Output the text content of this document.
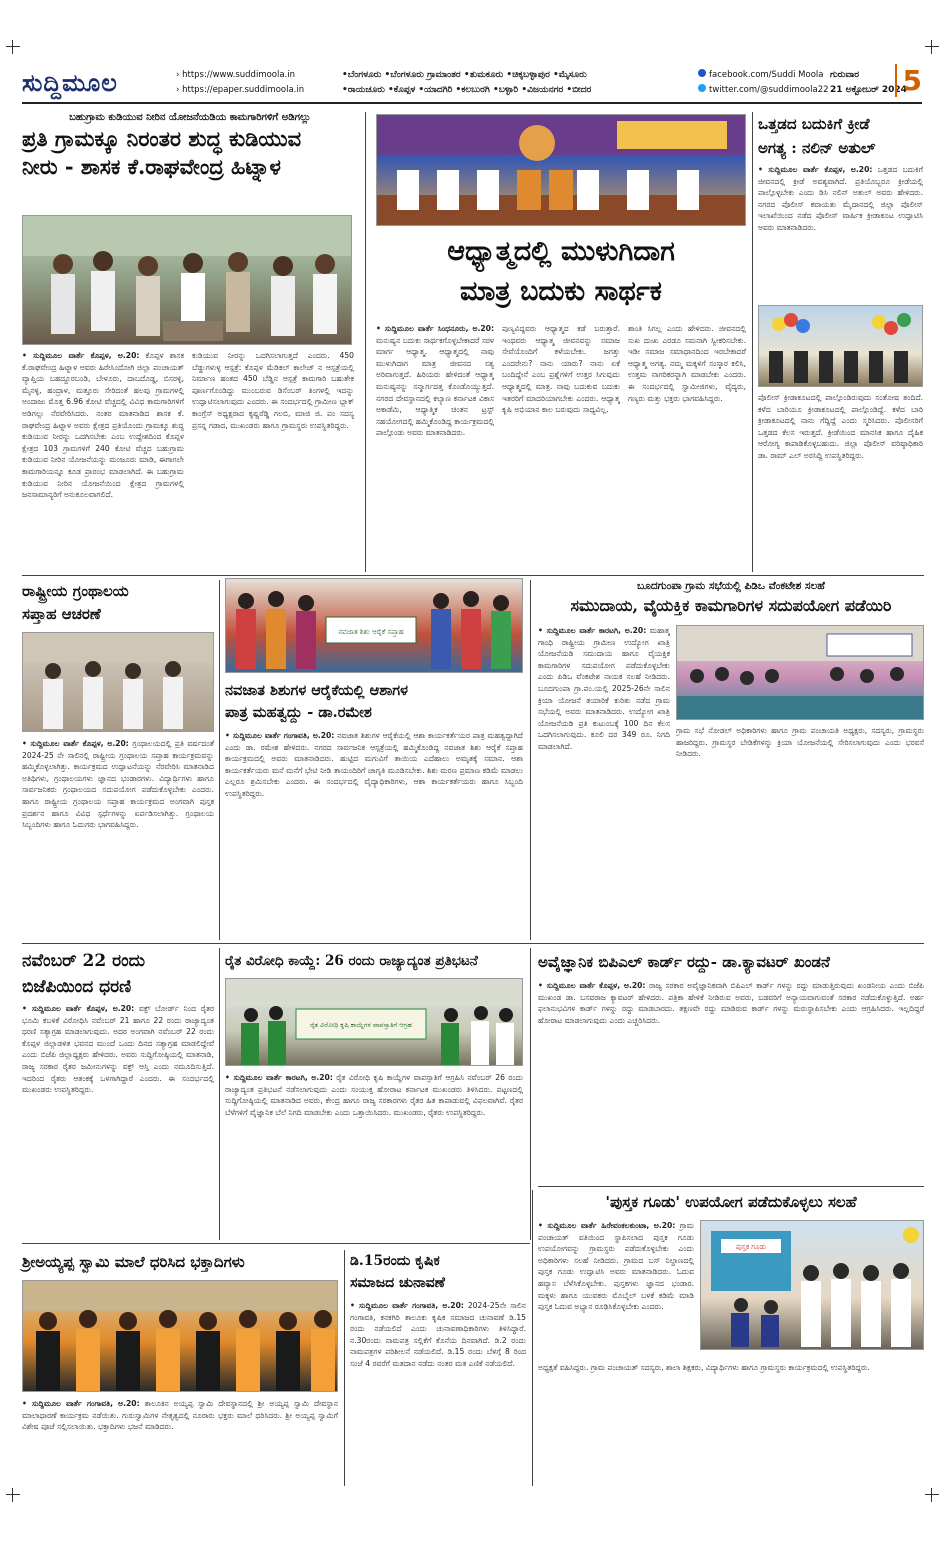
ಸುದ್ದಿಮೂಲ	› https://www.suddimoola.in
› https://epaper.suddimoola.in
•ಬೆಂಗಳೂರು •ಬೆಂಗಳೂರು ಗ್ರಾಮಾಂತರ •ತುಮಕೂರು •ಚಿಕ್ಕಬಳ್ಳಾಪುರ •ಮೈಸೂರು
•ರಾಯಚೂರು •ಕೊಪ್ಪಳ •ಯಾದಗಿರಿ •ಕಲಬುರಗಿ •ಬಳ್ಳಾರಿ •ವಿಜಯನಗರ •ಬೀದರ
facebook.com/Suddi Moola
twitter.com/@suddimoola22
ಗುರುವಾರ
21 ಅಕ್ಟೋಬರ್ 2024
5
ಬಹುಗ್ರಾಮ ಕುಡಿಯುವ ನೀರಿನ ಯೋಜನೆಯಡಿಯ ಕಾಮಗಾರಿಗಳಿಗೆ ಅಡಿಗಲ್ಲು
ಪ್ರತಿ ಗ್ರಾಮಕ್ಕೂ ನಿರಂತರ ಶುದ್ಧ ಕುಡಿಯುವ
ನೀರು - ಶಾಸಕ ಕೆ.ರಾಘವೇಂದ್ರ ಹಿಟ್ನಾಳ
• ಸುದ್ದಿಮೂಲ ವಾರ್ತೆ ಕೊಪ್ಪಳ, ಅ.20: ಕೊಪ್ಪಳ ಶಾಸಕ ಕೆ.ರಾಘವೇಂದ್ರ ಹಿಟ್ನಾಳ ಅವರು ಹಿರೇಸಿಂದೋಗಿ ಜಿಲ್ಲಾ ಪಂಚಾಯತ್ ವ್ಯಾಪ್ತಿಯ ಬಹದ್ದೂರಬಂಡಿ, ಬೇಳೂರು, ದಾಬದೊಡ್ಡ, ಬಿಸರಳ್ಳಿ, ಮೈನಳ್ಳಿ, ಹಂದ್ರಾಳ, ಮತ್ತೂರು ಸೇರಿದಂತೆ ಹಲವು ಗ್ರಾಮಗಳಲ್ಲಿ ಅಂದಾಜು ಮೊತ್ತ 6.96 ಕೋಟಿ ವೆಚ್ಚದಲ್ಲಿ ವಿವಿಧ ಕಾಮಗಾರಿಗಳಿಗೆ ಅಡಿಗಲ್ಲು ನೆರವೇರಿಸಿದರು. ನಂತರ ಮಾತನಾಡಿದ ಶಾಸಕ ಕೆ. ರಾಘವೇಂದ್ರ ಹಿಟ್ನಾಳ ಅವರು ಕ್ಷೇತ್ರದ ಪ್ರತಿಯೊಂದು ಗ್ರಾಮಕ್ಕೂ ಶುದ್ಧ ಕುಡಿಯುವ ನೀರನ್ನು ಒದಗಿಸಬೇಕು ಎಂಬ ಉದ್ದೇಶದಿಂದ ಕೊಪ್ಪಳ ಕ್ಷೇತ್ರದ 103 ಗ್ರಾಮಗಳಿಗೆ 240 ಕೋಟಿ ವೆಚ್ಚದ ಬಹುಗ್ರಾಮ ಕುಡಿಯುವ ನೀರಿನ ಯೋಜನೆಯನ್ನು ಮಂಜೂರು ಮಾಡಿ, ಈಗಾಗಲೇ ಕಾಮಗಾರಿಯನ್ನೂ ಕೂಡ ಪ್ರಾರಂಭ ಮಾಡಲಾಗಿದೆ. ಈ ಬಹುಗ್ರಾಮ ಕುಡಿಯುವ ನೀರಿನ ಯೋಜನೆಯಿಂದ ಕ್ಷೇತ್ರದ ಗ್ರಾಮಗಳಲ್ಲಿ ಜನಸಾಮಾನ್ಯರಿಗೆ ಅನುಕೂಲವಾಗಲಿದೆ.
ಕುಡಿಯುವ ನೀರನ್ನು ಒದಗಿಸಲಾಗುತ್ತದೆ ಎಂದರು. 450 ಬೆಡ್ಡುಗಳುಳ್ಳ ಆಸ್ಪತ್ರೆ: ಕೊಪ್ಪಳ ಮೆಡಿಕಲ್ ಕಾಲೇಜ್ ನ ಆಸ್ಪತ್ರೆಯಲ್ಲಿ ನಿರ್ಮಾಣ ಹಂತದ 450 ಬೆಡ್ಡಿನ ಆಸ್ಪತ್ರೆ ಕಾಮಗಾರಿ ಬಹುತೇಕ ಪೂರ್ಣಗೊಂಡಿದ್ದು ಮುಂಬರುವ ಡಿಸೆಂಬರ್ ತಿಂಗಳಲ್ಲಿ ಇದನ್ನು ಉದ್ಘಾಟಿಸಲಾಗುವುದು ಎಂದರು. ಈ ಸಂದರ್ಭದಲ್ಲಿ ಗ್ರಾಮೀಣ ಬ್ಲಾಕ್ ಕಾಂಗ್ರೆಸ್ ಅಧ್ಯಕ್ಷರಾದ ಕೃಷ್ಣರೆಡ್ಡಿ ಗಲಬಿ, ಮಾಜಿ ಜಿ. ಪಂ ಸದಸ್ಯ ಪ್ರಸನ್ನ ಗಡಾದ, ಮುಖಂಡರು ಹಾಗೂ ಗ್ರಾಮಸ್ಥರು ಉಪಸ್ಥಿತರಿದ್ದರು.
ಆಧ್ಯಾತ್ಮದಲ್ಲಿ ಮುಳುಗಿದಾಗ
ಮಾತ್ರ ಬದುಕು ಸಾರ್ಥಕ
• ಸುದ್ದಿಮೂಲ ವಾರ್ತೆ ಸಿಂಧನೂರು, ಅ.20: ಮನುಷ್ಯನ ಬದುಕು ಸಾರ್ಥಕಗೊಳ್ಳಬೇಕಾದರೆ ಸರಳ ಮಾರ್ಗ ಆಧ್ಯಾತ್ಮ. ಆಧ್ಯಾತ್ಮದಲ್ಲಿ ನಾವು ಮುಳುಗಿದಾಗ ಮಾತ್ರ ಜೀವನದ ಸತ್ಯ ಅರಿವಾಗುತ್ತದೆ. ಹಿರಿಯರು ಹೇಳಿದಂತೆ ಆಧ್ಯಾತ್ಮ ಮನುಷ್ಯನನ್ನು ಸನ್ಮಾರ್ಗದತ್ತ ಕೊಂಡೊಯ್ಯುತ್ತದೆ. ನಗರದ ದೇವಸ್ಥಾನದಲ್ಲಿ ಕಲ್ಯಾಣ ಕರ್ನಾಟಕ ವಿಕಾಸ ಅಕಾಡೆಮಿ, ಆಧ್ಯಾತ್ಮಿಕ ಚಿಂತನ ಟ್ರಸ್ಟ್ ಸಹಯೋಗದಲ್ಲಿ ಹಮ್ಮಿಕೊಂಡಿದ್ದ ಕಾರ್ಯಕ್ರಮದಲ್ಲಿ ಪಾಲ್ಗೊಂಡು ಅವರು ಮಾತನಾಡಿದರು.
ಪುಣ್ಯವಿದ್ದವರು ಆಧ್ಯಾತ್ಮದ ಕಡೆ ಬರುತ್ತಾರೆ. ಇಂಥವರು ಆಧ್ಯಾತ್ಮ ಜೀವನವನ್ನು ಸಮಾಜ ಸೇವೆಯೊಂದಿಗೆ ಕಳೆಯಬೇಕು. ಜಗತ್ತು ಎಂದರೇನು? ನಾನು ಯಾರು? ನಾನು ಏಕೆ ಬಂದಿದ್ದೇನೆ ಎಂಬ ಪ್ರಶ್ನೆಗಳಿಗೆ ಉತ್ತರ ಸಿಗುವುದು ಆಧ್ಯಾತ್ಮದಲ್ಲಿ ಮಾತ್ರ. ನಾವು ಬದುಕುವ ಬದುಕು ಇತರರಿಗೆ ಮಾದರಿಯಾಗಬೇಕು ಎಂದರು. ಆಧ್ಯಾತ್ಮ ಕೃಷಿ ಅಭಿಯಾನ ಕಾಲ ಬರುವುದು ಸಾಧ್ಯವಿಲ್ಲ.
ಶಾಂತಿ ಸಿಗಲ್ಲ ಎಂದು ಹೇಳಿದರು. ಜೀವನದಲ್ಲಿ ಸುಖ ದುಃಖ ಎರಡೂ ಸಮನಾಗಿ ಸ್ವೀಕರಿಸಬೇಕು. ಇಡೀ ಸಮಾಜ ಸಮಾಧಾನದಿಂದ ಇರಬೇಕಾದರೆ ಆಧ್ಯಾತ್ಮ ಅಗತ್ಯ. ನಮ್ಮ ಮಕ್ಕಳಿಗೆ ಸಂಸ್ಕಾರ ಕಲಿಸಿ, ಉತ್ತಮ ನಾಗರಿಕರನ್ನಾಗಿ ಮಾಡಬೇಕು ಎಂದರು. ಈ ಸಂದರ್ಭದಲ್ಲಿ ಸ್ವಾಮೀಜಿಗಳು, ವೈದ್ಯರು, ಗಣ್ಯರು ಮತ್ತು ಭಕ್ತರು ಭಾಗವಹಿಸಿದ್ದರು.
ಒತ್ತಡದ ಬದುಕಿಗೆ ಕ್ರೀಡೆ
ಅಗತ್ಯ : ನಲಿನ್ ಅತುಲ್
• ಸುದ್ದಿಮೂಲ ವಾರ್ತೆ ಕೊಪ್ಪಳ, ಅ.20: ಒತ್ತಡದ ಬದುಕಿಗೆ ಜೀವನದಲ್ಲಿ ಕ್ರೀಡೆ ಅವಶ್ಯವಾಗಿದೆ. ಪ್ರತಿಯೊಬ್ಬರೂ ಕ್ರೀಡೆಯಲ್ಲಿ ಪಾಲ್ಗೊಳ್ಳಬೇಕು ಎಂದು ಡಿಸಿ ನಲಿನ್ ಅತುಲ್ ಅವರು ಹೇಳಿದರು. ನಗರದ ಪೊಲೀಸ್ ಕವಾಯತು ಮೈದಾನದಲ್ಲಿ ಜಿಲ್ಲಾ ಪೊಲೀಸ್ ಇಲಾಖೆಯಿಂದ ನಡೆದ ಪೊಲೀಸ್ ವಾರ್ಷಿಕ ಕ್ರೀಡಾಕೂಟ ಉದ್ಘಾಟಿಸಿ ಅವರು ಮಾತನಾಡಿದರು.
ಪೊಲೀಸ್ ಕ್ರೀಡಾಕೂಟದಲ್ಲಿ ಪಾಲ್ಗೊಂಡಿರುವುದು ಸಂತೋಷ ತಂದಿದೆ. ಕಳೆದ ಬಾರಿಯೂ ಕ್ರೀಡಾಕೂಟದಲ್ಲಿ ಪಾಲ್ಗೊಂಡಿದ್ದೆ. ಕಳೆದ ಬಾರಿ ಕ್ರೀಡಾಕೂಟದಲ್ಲಿ ನಾನು ಗೆದ್ದಿದ್ದೆ ಎಂದು ಸ್ಮರಿಸಿದರು. ಪೊಲೀಸರಿಗೆ ಒತ್ತಡದ ಕೆಲಸ ಇರುತ್ತದೆ. ಕ್ರೀಡೆಯಿಂದ ಮಾನಸಿಕ ಹಾಗೂ ದೈಹಿಕ ಆರೋಗ್ಯ ಕಾಪಾಡಿಕೊಳ್ಳಬಹುದು. ಜಿಲ್ಲಾ ಪೊಲೀಸ್ ವರಿಷ್ಠಾಧಿಕಾರಿ ಡಾ. ರಾಮ್ ಎಲ್ ಅರಸಿದ್ದಿ ಉಪಸ್ಥಿತರಿದ್ದರು.
ರಾಷ್ಟ್ರೀಯ ಗ್ರಂಥಾಲಯ
ಸಪ್ತಾಹ ಆಚರಣೆ
• ಸುದ್ದಿಮೂಲ ವಾರ್ತೆ ಕೊಪ್ಪಳ, ಅ.20: ಗ್ರಂಥಾಲಯದಲ್ಲಿ ಪ್ರತಿ ವರ್ಷದಂತೆ 2024-25 ನೇ ಸಾಲಿನಲ್ಲಿ ರಾಷ್ಟ್ರೀಯ ಗ್ರಂಥಾಲಯ ಸಪ್ತಾಹ ಕಾರ್ಯಕ್ರಮವನ್ನು ಹಮ್ಮಿಕೊಳ್ಳಲಾಗಿತ್ತು. ಕಾರ್ಯಕ್ರಮದ ಉದ್ಘಾಟನೆಯನ್ನು ನೆರವೇರಿಸಿ ಮಾತನಾಡಿದ ಅತಿಥಿಗಳು, ಗ್ರಂಥಾಲಯಗಳು ಜ್ಞಾನದ ಭಂಡಾರಗಳು. ವಿದ್ಯಾರ್ಥಿಗಳು ಹಾಗೂ ಸಾರ್ವಜನಿಕರು ಗ್ರಂಥಾಲಯದ ಸದುಪಯೋಗ ಪಡೆದುಕೊಳ್ಳಬೇಕು ಎಂದರು. ಹಾಗೂ ರಾಷ್ಟ್ರೀಯ ಗ್ರಂಥಾಲಯ ಸಪ್ತಾಹ ಕಾರ್ಯಕ್ರಮದ ಅಂಗವಾಗಿ ಪುಸ್ತಕ ಪ್ರದರ್ಶನ ಹಾಗೂ ವಿವಿಧ ಸ್ಪರ್ಧೆಗಳನ್ನು ಏರ್ಪಡಿಸಲಾಗಿತ್ತು. ಗ್ರಂಥಾಲಯ ಸಿಬ್ಬಂದಿಗಳು ಹಾಗೂ ಓದುಗರು ಭಾಗವಹಿಸಿದ್ದರು.
ನವಜಾತ ಶಿಶು ಆರೈಕೆ ಸಪ್ತಾಹ
ನವಜಾತ ಶಿಶುಗಳ ಆರೈಕೆಯಲ್ಲಿ ಆಶಾಗಳ
ಪಾತ್ರ ಮಹತ್ವದ್ದು - ಡಾ.ರಮೇಶ
• ಸುದ್ದಿಮೂಲ ವಾರ್ತೆ ಗಂಗಾವತಿ, ಅ.20: ನವಜಾತ ಶಿಶುಗಳ ಆರೈಕೆಯಲ್ಲಿ ಆಶಾ ಕಾರ್ಯಕರ್ತೆಯರ ಪಾತ್ರ ಮಹತ್ವದ್ದಾಗಿದೆ ಎಂದು ಡಾ. ರಮೇಶ ಹೇಳಿದರು. ನಗರದ ಸಾರ್ವಜನಿಕ ಆಸ್ಪತ್ರೆಯಲ್ಲಿ ಹಮ್ಮಿಕೊಂಡಿದ್ದ ನವಜಾತ ಶಿಶು ಆರೈಕೆ ಸಪ್ತಾಹ ಕಾರ್ಯಕ್ರಮದಲ್ಲಿ ಅವರು ಮಾತನಾಡಿದರು. ಹುಟ್ಟಿದ ಮಗುವಿಗೆ ತಾಯಿಯ ಎದೆಹಾಲು ಅಮೃತಕ್ಕೆ ಸಮಾನ. ಆಶಾ ಕಾರ್ಯಕರ್ತೆಯರು ಮನೆ ಮನೆಗೆ ಭೇಟಿ ನೀಡಿ ತಾಯಂದಿರಿಗೆ ಜಾಗೃತಿ ಮೂಡಿಸಬೇಕು. ಶಿಶು ಮರಣ ಪ್ರಮಾಣ ಕಡಿಮೆ ಮಾಡಲು ಎಲ್ಲರೂ ಶ್ರಮಿಸಬೇಕು ಎಂದರು. ಈ ಸಂದರ್ಭದಲ್ಲಿ ವೈದ್ಯಾಧಿಕಾರಿಗಳು, ಆಶಾ ಕಾರ್ಯಕರ್ತೆಯರು ಹಾಗೂ ಸಿಬ್ಬಂದಿ ಉಪಸ್ಥಿತರಿದ್ದರು.
ಬೂದಗುಂಪಾ ಗ್ರಾಮ ಸಭೆಯಲ್ಲಿ ಪಿಡಿಒ ವೆಂಕಟೇಶ ಸಲಹೆ
ಸಮುದಾಯ, ವೈಯಕ್ತಿಕ ಕಾಮಗಾರಿಗಳ ಸದುಪಯೋಗ ಪಡೆಯಿರಿ
• ಸುದ್ದಿಮೂಲ ವಾರ್ತೆ ಕಾರಟಗಿ, ಅ.20: ಮಹಾತ್ಮ ಗಾಂಧಿ ರಾಷ್ಟ್ರೀಯ ಗ್ರಾಮೀಣ ಉದ್ಯೋಗ ಖಾತ್ರಿ ಯೋಜನೆಯಡಿ ಸಮುದಾಯ ಹಾಗೂ ವೈಯಕ್ತಿಕ ಕಾಮಗಾರಿಗಳ ಸದುಪಯೋಗ ಪಡೆದುಕೊಳ್ಳಬೇಕು ಎಂದು ಪಿಡಿಒ ವೆಂಕಟೇಶ ನಾಯಕ ಸಲಹೆ ನೀಡಿದರು. ಬೂದಗುಂಪಾ ಗ್ರಾ.ಪಂ.ಯಲ್ಲಿ 2025-26ನೇ ಸಾಲಿನ ಕ್ರಿಯಾ ಯೋಜನೆ ತಯಾರಿಕೆ ಕುರಿತು ನಡೆದ ಗ್ರಾಮ ಸಭೆಯಲ್ಲಿ ಅವರು ಮಾತನಾಡಿದರು. ಉದ್ಯೋಗ ಖಾತ್ರಿ ಯೋಜನೆಯಡಿ ಪ್ರತಿ ಕುಟುಂಬಕ್ಕೆ 100 ದಿನ ಕೆಲಸ ಒದಗಿಸಲಾಗುವುದು. ಕೂಲಿ ದರ 349 ರೂ. ನಿಗದಿ ಮಾಡಲಾಗಿದೆ.
ಗ್ರಾಮ ಸಭೆ ನೋಡಲ್ ಅಧಿಕಾರಿಗಳು ಹಾಗೂ ಗ್ರಾಮ ಪಂಚಾಯತಿ ಅಧ್ಯಕ್ಷರು, ಸದಸ್ಯರು, ಗ್ರಾಮಸ್ಥರು ಹಾಜರಿದ್ದರು. ಗ್ರಾಮಸ್ಥರ ಬೇಡಿಕೆಗಳನ್ನು ಕ್ರಿಯಾ ಯೋಜನೆಯಲ್ಲಿ ಸೇರಿಸಲಾಗುವುದು ಎಂದು ಭರವಸೆ ನೀಡಿದರು.
ನವೆಂಬರ್ 22 ರಂದು
ಬಿಜೆಪಿಯಿಂದ ಧರಣಿ
• ಸುದ್ದಿಮೂಲ ವಾರ್ತೆ ಕೊಪ್ಪಳ, ಅ.20: ವಕ್ಫ್ ಬೋರ್ಡ್ ನಿಂದ ರೈತರ ಭೂಮಿ ಕಬಳಿಕೆ ವಿರೋಧಿಸಿ ನವೆಂಬರ್ 21 ಹಾಗೂ 22 ರಂದು ರಾಜ್ಯಾದ್ಯಂತ ಧರಣಿ ಸತ್ಯಾಗ್ರಹ ಮಾಡಲಾಗುವುದು. ಅದರ ಅಂಗವಾಗಿ ನವೆಂಬರ್ 22 ರಂದು ಕೊಪ್ಪಳ ಜಿಲ್ಲಾಡಳಿತ ಭವನದ ಮುಂದೆ ಒಂದು ದಿನದ ಸತ್ಯಾಗ್ರಹ ಮಾಡಲಿದ್ದೇವೆ ಎಂದು ಬಿಜೆಪಿ ಜಿಲ್ಲಾಧ್ಯಕ್ಷರು ಹೇಳಿದರು. ಅವರು ಸುದ್ದಿಗೋಷ್ಠಿಯಲ್ಲಿ ಮಾತನಾಡಿ, ರಾಜ್ಯ ಸರಕಾರ ರೈತರ ಜಮೀನುಗಳನ್ನು ವಕ್ಫ್ ಆಸ್ತಿ ಎಂದು ನಮೂದಿಸುತ್ತಿದೆ. ಇದರಿಂದ ರೈತರು ಆತಂಕಕ್ಕೆ ಒಳಗಾಗಿದ್ದಾರೆ ಎಂದರು. ಈ ಸಂದರ್ಭದಲ್ಲಿ ಮುಖಂಡರು ಉಪಸ್ಥಿತರಿದ್ದರು.
ರೈತ ವಿರೋಧಿ ಕಾಯ್ದೆ: 26 ರಂದು ರಾಜ್ಯಾದ್ಯಂತ ಪ್ರತಿಭಟನೆ
ರೈತ ವಿರೋಧಿ ಕೃಷಿ ಕಾಯ್ದೆಗಳ ವಾಪಸ್ಸಾತಿಗೆ ಆಗ್ರಹ
• ಸುದ್ದಿಮೂಲ ವಾರ್ತೆ ಕಾರಟಗಿ, ಅ.20: ರೈತ ವಿರೋಧಿ ಕೃಷಿ ಕಾಯ್ದೆಗಳ ವಾಪಸ್ಸಾತಿಗೆ ಆಗ್ರಹಿಸಿ ನವೆಂಬರ್ 26 ರಂದು ರಾಜ್ಯಾದ್ಯಂತ ಪ್ರತಿಭಟನೆ ನಡೆಸಲಾಗುವುದು ಎಂದು ಸಂಯುಕ್ತ ಹೋರಾಟ ಕರ್ನಾಟಕ ಮುಖಂಡರು ತಿಳಿಸಿದರು. ಪಟ್ಟಣದಲ್ಲಿ ಸುದ್ದಿಗೋಷ್ಠಿಯಲ್ಲಿ ಮಾತನಾಡಿದ ಅವರು, ಕೇಂದ್ರ ಹಾಗೂ ರಾಜ್ಯ ಸರಕಾರಗಳು ರೈತರ ಹಿತ ಕಾಪಾಡುವಲ್ಲಿ ವಿಫಲವಾಗಿವೆ. ರೈತರ ಬೆಳೆಗಳಿಗೆ ವೈಜ್ಞಾನಿಕ ಬೆಲೆ ನಿಗದಿ ಮಾಡಬೇಕು ಎಂದು ಒತ್ತಾಯಿಸಿದರು. ಮುಖಂಡರು, ರೈತರು ಉಪಸ್ಥಿತರಿದ್ದರು.
ಅವೈಜ್ಞಾನಿಕ ಬಿಪಿಎಲ್ ಕಾರ್ಡ್ ರದ್ದು- ಡಾ.ಕ್ಯಾವಟರ್ ಖಂಡನೆ
• ಸುದ್ದಿಮೂಲ ವಾರ್ತೆ ಕೊಪ್ಪಳ, ಅ.20: ರಾಜ್ಯ ಸರಕಾರ ಅವೈಜ್ಞಾನಿಕವಾಗಿ ಬಿಪಿಎಲ್ ಕಾರ್ಡ್ ಗಳನ್ನು ರದ್ದು ಮಾಡುತ್ತಿರುವುದು ಖಂಡನೀಯ ಎಂದು ಬಿಜೆಪಿ ಮುಖಂಡ ಡಾ. ಬಸವರಾಜ ಕ್ಯಾವಟರ್ ಹೇಳಿದರು. ಪತ್ರಿಕಾ ಹೇಳಿಕೆ ನೀಡಿರುವ ಅವರು, ಬಡವರಿಗೆ ಅನ್ಯಾಯವಾಗುವಂತೆ ಸರಕಾರ ನಡೆದುಕೊಳ್ಳುತ್ತಿದೆ. ಅರ್ಹ ಫಲಾನುಭವಿಗಳ ಕಾರ್ಡ್ ಗಳನ್ನು ರದ್ದು ಮಾಡಬಾರದು. ತಕ್ಷಣವೇ ರದ್ದು ಮಾಡಿರುವ ಕಾರ್ಡ್ ಗಳನ್ನು ಮರುಸ್ಥಾಪಿಸಬೇಕು ಎಂದು ಆಗ್ರಹಿಸಿದರು. ಇಲ್ಲದಿದ್ದರೆ ಹೋರಾಟ ಮಾಡಲಾಗುವುದು ಎಂದು ಎಚ್ಚರಿಸಿದರು.
'ಪುಸ್ತಕ ಗೂಡು' ಉಪಯೋಗ ಪಡೆದುಕೊಳ್ಳಲು ಸಲಹೆ
• ಸುದ್ದಿಮೂಲ ವಾರ್ತೆ ಹಿರೇವಂಕಲಕುಂಟಾ, ಅ.20: ಗ್ರಾಮ ಪಂಚಾಯತ್ ವತಿಯಿಂದ ಸ್ಥಾಪಿಸಲಾದ ಪುಸ್ತಕ ಗೂಡು ಉಪಯೋಗವನ್ನು ಗ್ರಾಮಸ್ಥರು ಪಡೆದುಕೊಳ್ಳಬೇಕು ಎಂದು ಅಧಿಕಾರಿಗಳು ಸಲಹೆ ನೀಡಿದರು. ಗ್ರಾಮದ ಬಸ್ ನಿಲ್ದಾಣದಲ್ಲಿ ಪುಸ್ತಕ ಗೂಡು ಉದ್ಘಾಟಿಸಿ ಅವರು ಮಾತನಾಡಿದರು. ಓದುವ ಹವ್ಯಾಸ ಬೆಳೆಸಿಕೊಳ್ಳಬೇಕು. ಪುಸ್ತಕಗಳು ಜ್ಞಾನದ ಭಂಡಾರ. ಮಕ್ಕಳು ಹಾಗೂ ಯುವಕರು ಮೊಬೈಲ್ ಬಳಕೆ ಕಡಿಮೆ ಮಾಡಿ ಪುಸ್ತಕ ಓದುವ ಅಭ್ಯಾಸ ರೂಢಿಸಿಕೊಳ್ಳಬೇಕು ಎಂದರು.
ಪುಸ್ತಕ ಗೂಡು
ಅಧ್ಯಕ್ಷತೆ ವಹಿಸಿದ್ದರು. ಗ್ರಾಮ ಪಂಚಾಯತ್ ಸದಸ್ಯರು, ಶಾಲಾ ಶಿಕ್ಷಕರು, ವಿದ್ಯಾರ್ಥಿಗಳು ಹಾಗೂ ಗ್ರಾಮಸ್ಥರು ಕಾರ್ಯಕ್ರಮದಲ್ಲಿ ಉಪಸ್ಥಿತರಿದ್ದರು.
ಶ್ರೀಅಯ್ಯಪ್ಪ ಸ್ವಾಮಿ ಮಾಲೆ ಧರಿಸಿದ ಭಕ್ತಾದಿಗಳು
• ಸುದ್ದಿಮೂಲ ವಾರ್ತೆ ಗಂಗಾವತಿ, ಅ.20: ತಾಲೂಕಿನ ಅಯ್ಯಪ್ಪ ಸ್ವಾಮಿ ದೇವಸ್ಥಾನದಲ್ಲಿ ಶ್ರೀ ಅಯ್ಯಪ್ಪ ಸ್ವಾಮಿ ದೇವಸ್ಥಾನ ಮಾಲಾಧಾರಣೆ ಕಾರ್ಯಕ್ರಮ ನಡೆಯಿತು. ಗುರುಸ್ವಾಮಿಗಳ ನೇತೃತ್ವದಲ್ಲಿ ನೂರಾರು ಭಕ್ತರು ಮಾಲೆ ಧರಿಸಿದರು. ಶ್ರೀ ಅಯ್ಯಪ್ಪ ಸ್ವಾಮಿಗೆ ವಿಶೇಷ ಪೂಜೆ ಸಲ್ಲಿಸಲಾಯಿತು. ಭಕ್ತಾದಿಗಳು ಭಜನೆ ಮಾಡಿದರು.
ಡಿ.15ರಂದು ಕೃಷಿಕ
ಸಮಾಜದ ಚುನಾವಣೆ
• ಸುದ್ದಿಮೂಲ ವಾರ್ತೆ ಗಂಗಾವತಿ, ಅ.20: 2024-25ನೇ ಸಾಲಿನ ಗಂಗಾವತಿ, ಕನಕಗಿರಿ ತಾಲೂಕು ಕೃಷಿಕ ಸಮಾಜದ ಚುನಾವಣೆ ಡಿ.15 ರಂದು ನಡೆಯಲಿದೆ ಎಂದು ಚುನಾವಣಾಧಿಕಾರಿಗಳು ತಿಳಿಸಿದ್ದಾರೆ. ನ.30ರಂದು ನಾಮಪತ್ರ ಸಲ್ಲಿಕೆಗೆ ಕೊನೆಯ ದಿನವಾಗಿದೆ. ಡಿ.2 ರಂದು ನಾಮಪತ್ರಗಳ ಪರಿಶೀಲನೆ ನಡೆಯಲಿದೆ. ಡಿ.15 ರಂದು ಬೆಳಿಗ್ಗೆ 8 ರಿಂದ ಸಂಜೆ 4 ರವರೆಗೆ ಮತದಾನ ನಡೆದು ನಂತರ ಮತ ಎಣಿಕೆ ನಡೆಯಲಿದೆ.
